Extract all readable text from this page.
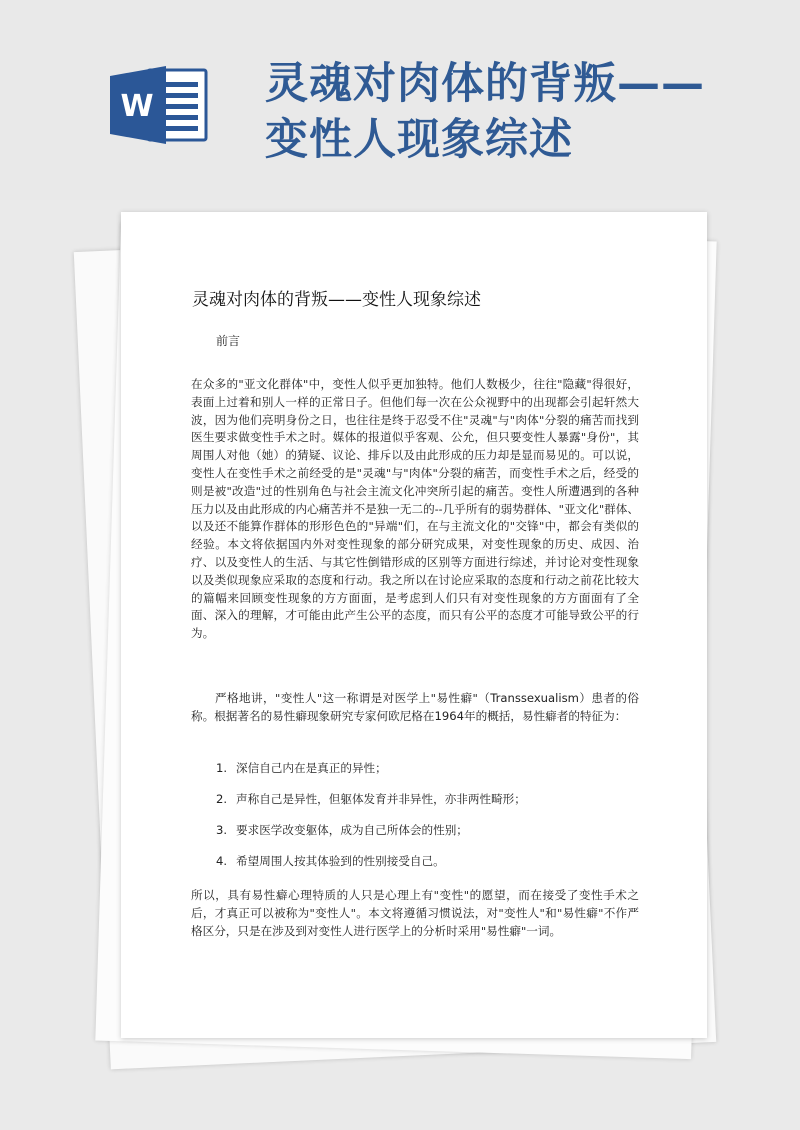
W	灵魂对肉体的背叛——
变性人现象综述
灵魂对肉体的背叛——变性人现象综述
前言
在众多的"亚文化群体"中，变性人似乎更加独特。他们人数极少，往往"隐藏"得很好，表面上过着和别人一样的正常日子。但他们每一次在公众视野中的出现都会引起轩然大波，因为他们亮明身份之日，也往往是终于忍受不住"灵魂"与"肉体"分裂的痛苦而找到医生要求做变性手术之时。媒体的报道似乎客观、公允，但只要变性人暴露"身份"，其周围人对他（她）的猜疑、议论、排斥以及由此形成的压力却是显而易见的。可以说，变性人在变性手术之前经受的是"灵魂"与"肉体"分裂的痛苦，而变性手术之后，经受的则是被"改造"过的性别角色与社会主流文化冲突所引起的痛苦。变性人所遭遇到的各种压力以及由此形成的内心痛苦并不是独一无二的--几乎所有的弱势群体、"亚文化"群体、以及还不能算作群体的形形色色的"异端"们，在与主流文化的"交锋"中，都会有类似的经验。本文将依据国内外对变性现象的部分研究成果，对变性现象的历史、成因、治疗、以及变性人的生活、与其它性倒错形成的区别等方面进行综述，并讨论对变性现象以及类似现象应采取的态度和行动。我之所以在讨论应采取的态度和行动之前花比较大的篇幅来回顾变性现象的方方面面，是考虑到人们只有对变性现象的方方面面有了全面、深入的理解，才可能由此产生公平的态度，而只有公平的态度才可能导致公平的行为。
严格地讲，"变性人"这一称谓是对医学上"易性癖"（Transsexualism）患者的俗称。根据著名的易性癖现象研究专家何欧尼格在1964年的概括，易性癖者的特征为：
1. 深信自己内在是真正的异性；
2. 声称自己是异性，但躯体发育并非异性，亦非两性畸形；
3. 要求医学改变躯体，成为自己所体会的性别；
4. 希望周围人按其体验到的性别接受自己。
所以，具有易性癖心理特质的人只是心理上有"变性"的愿望，而在接受了变性手术之后，才真正可以被称为"变性人"。本文将遵循习惯说法，对"变性人"和"易性癖"不作严格区分，只是在涉及到对变性人进行医学上的分析时采用"易性癖"一词。
